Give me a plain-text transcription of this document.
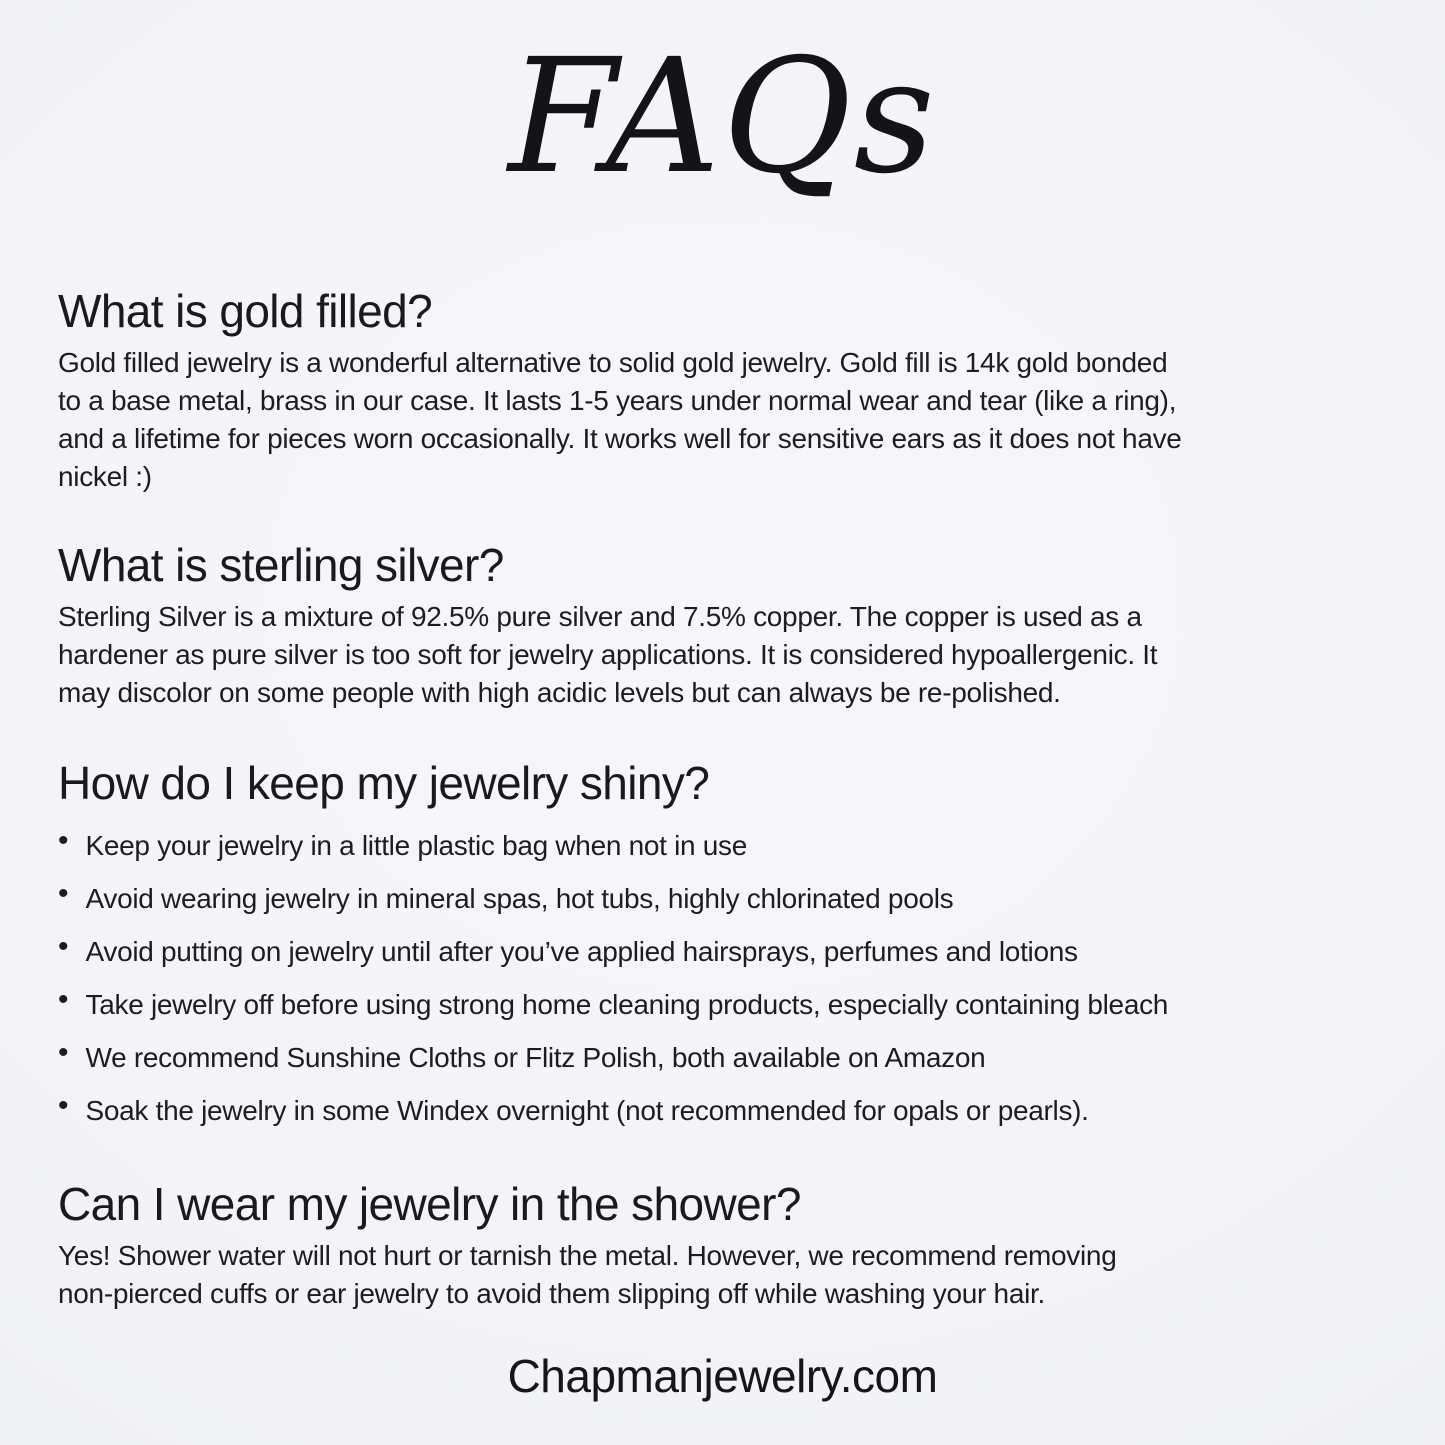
FAQs
What is gold filled?
Gold filled jewelry is a wonderful alternative to solid gold jewelry. Gold fill is 14k gold bonded
to a base metal, brass in our case. It lasts 1-5 years under normal wear and tear (like a ring),
and a lifetime for pieces worn occasionally. It works well for sensitive ears as it does not have
nickel :)
What is sterling silver?
Sterling Silver is a mixture of 92.5% pure silver and 7.5% copper. The copper is used as a
hardener as pure silver is too soft for jewelry applications. It is considered hypoallergenic. It
may discolor on some people with high acidic levels but can always be re-polished.
How do I keep my jewelry shiny?
• Keep your jewelry in a little plastic bag when not in use
• Avoid wearing jewelry in mineral spas, hot tubs, highly chlorinated pools
• Avoid putting on jewelry until after you’ve applied hairsprays, perfumes and lotions
• Take jewelry off before using strong home cleaning products, especially containing bleach
• We recommend Sunshine Cloths or Flitz Polish, both available on Amazon
• Soak the jewelry in some Windex overnight (not recommended for opals or pearls).
Can I wear my jewelry in the shower?
Yes! Shower water will not hurt or tarnish the metal. However, we recommend removing
non-pierced cuffs or ear jewelry to avoid them slipping off while washing your hair.
Chapmanjewelry.com
